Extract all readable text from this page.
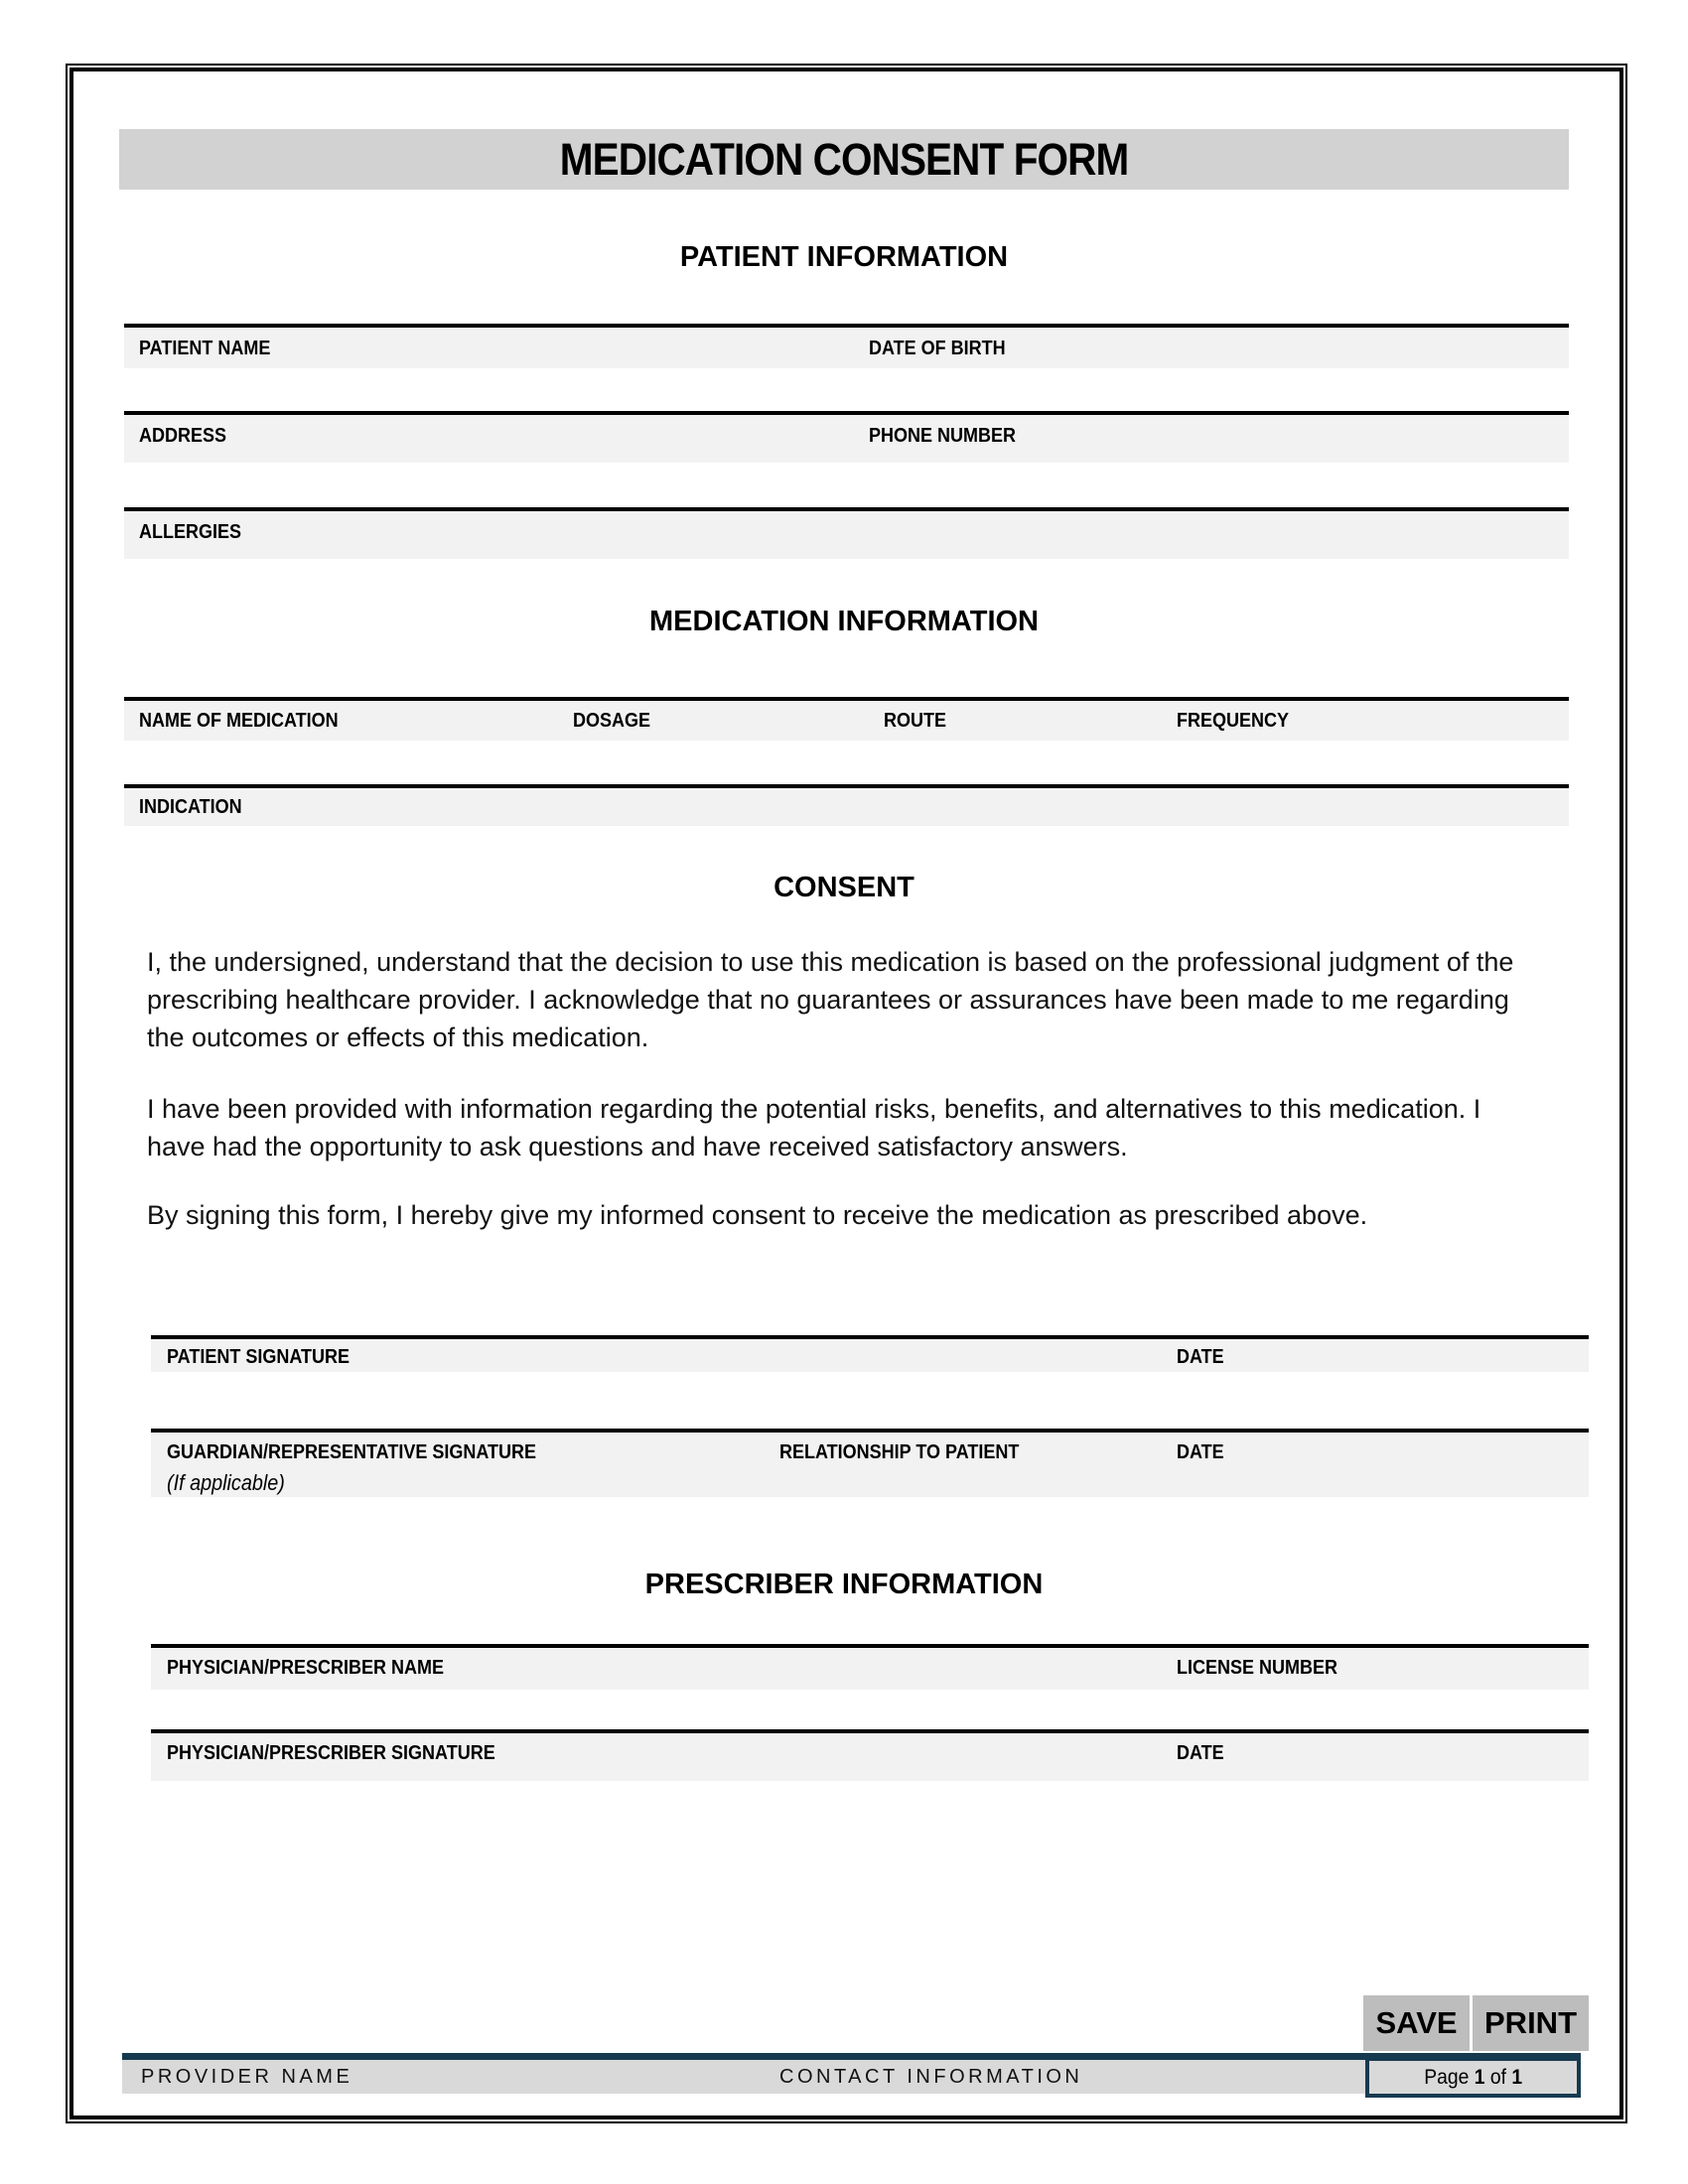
MEDICATION CONSENT FORM
PATIENT INFORMATION
PATIENT NAME	DATE OF BIRTH
ADDRESS	PHONE NUMBER
ALLERGIES
MEDICATION INFORMATION
NAME OF MEDICATION	DOSAGE	ROUTE	FREQUENCY
INDICATION
CONSENT
I, the undersigned, understand that the decision to use this medication is based on the professional judgment of the prescribing healthcare provider. I acknowledge that no guarantees or assurances have been made to me regarding the outcomes or effects of this medication.
I have been provided with information regarding the potential risks, benefits, and alternatives to this medication. I have had the opportunity to ask questions and have received satisfactory answers.
By signing this form, I hereby give my informed consent to receive the medication as prescribed above.
PATIENT SIGNATURE	DATE
GUARDIAN/REPRESENTATIVE SIGNATURE	RELATIONSHIP TO PATIENT	DATE
(If applicable)
PRESCRIBER INFORMATION
PHYSICIAN/PRESCRIBER NAME	LICENSE NUMBER
PHYSICIAN/PRESCRIBER SIGNATURE	DATE
SAVE PRINT
PROVIDER NAME	CONTACT INFORMATION	Page 1 of 1
